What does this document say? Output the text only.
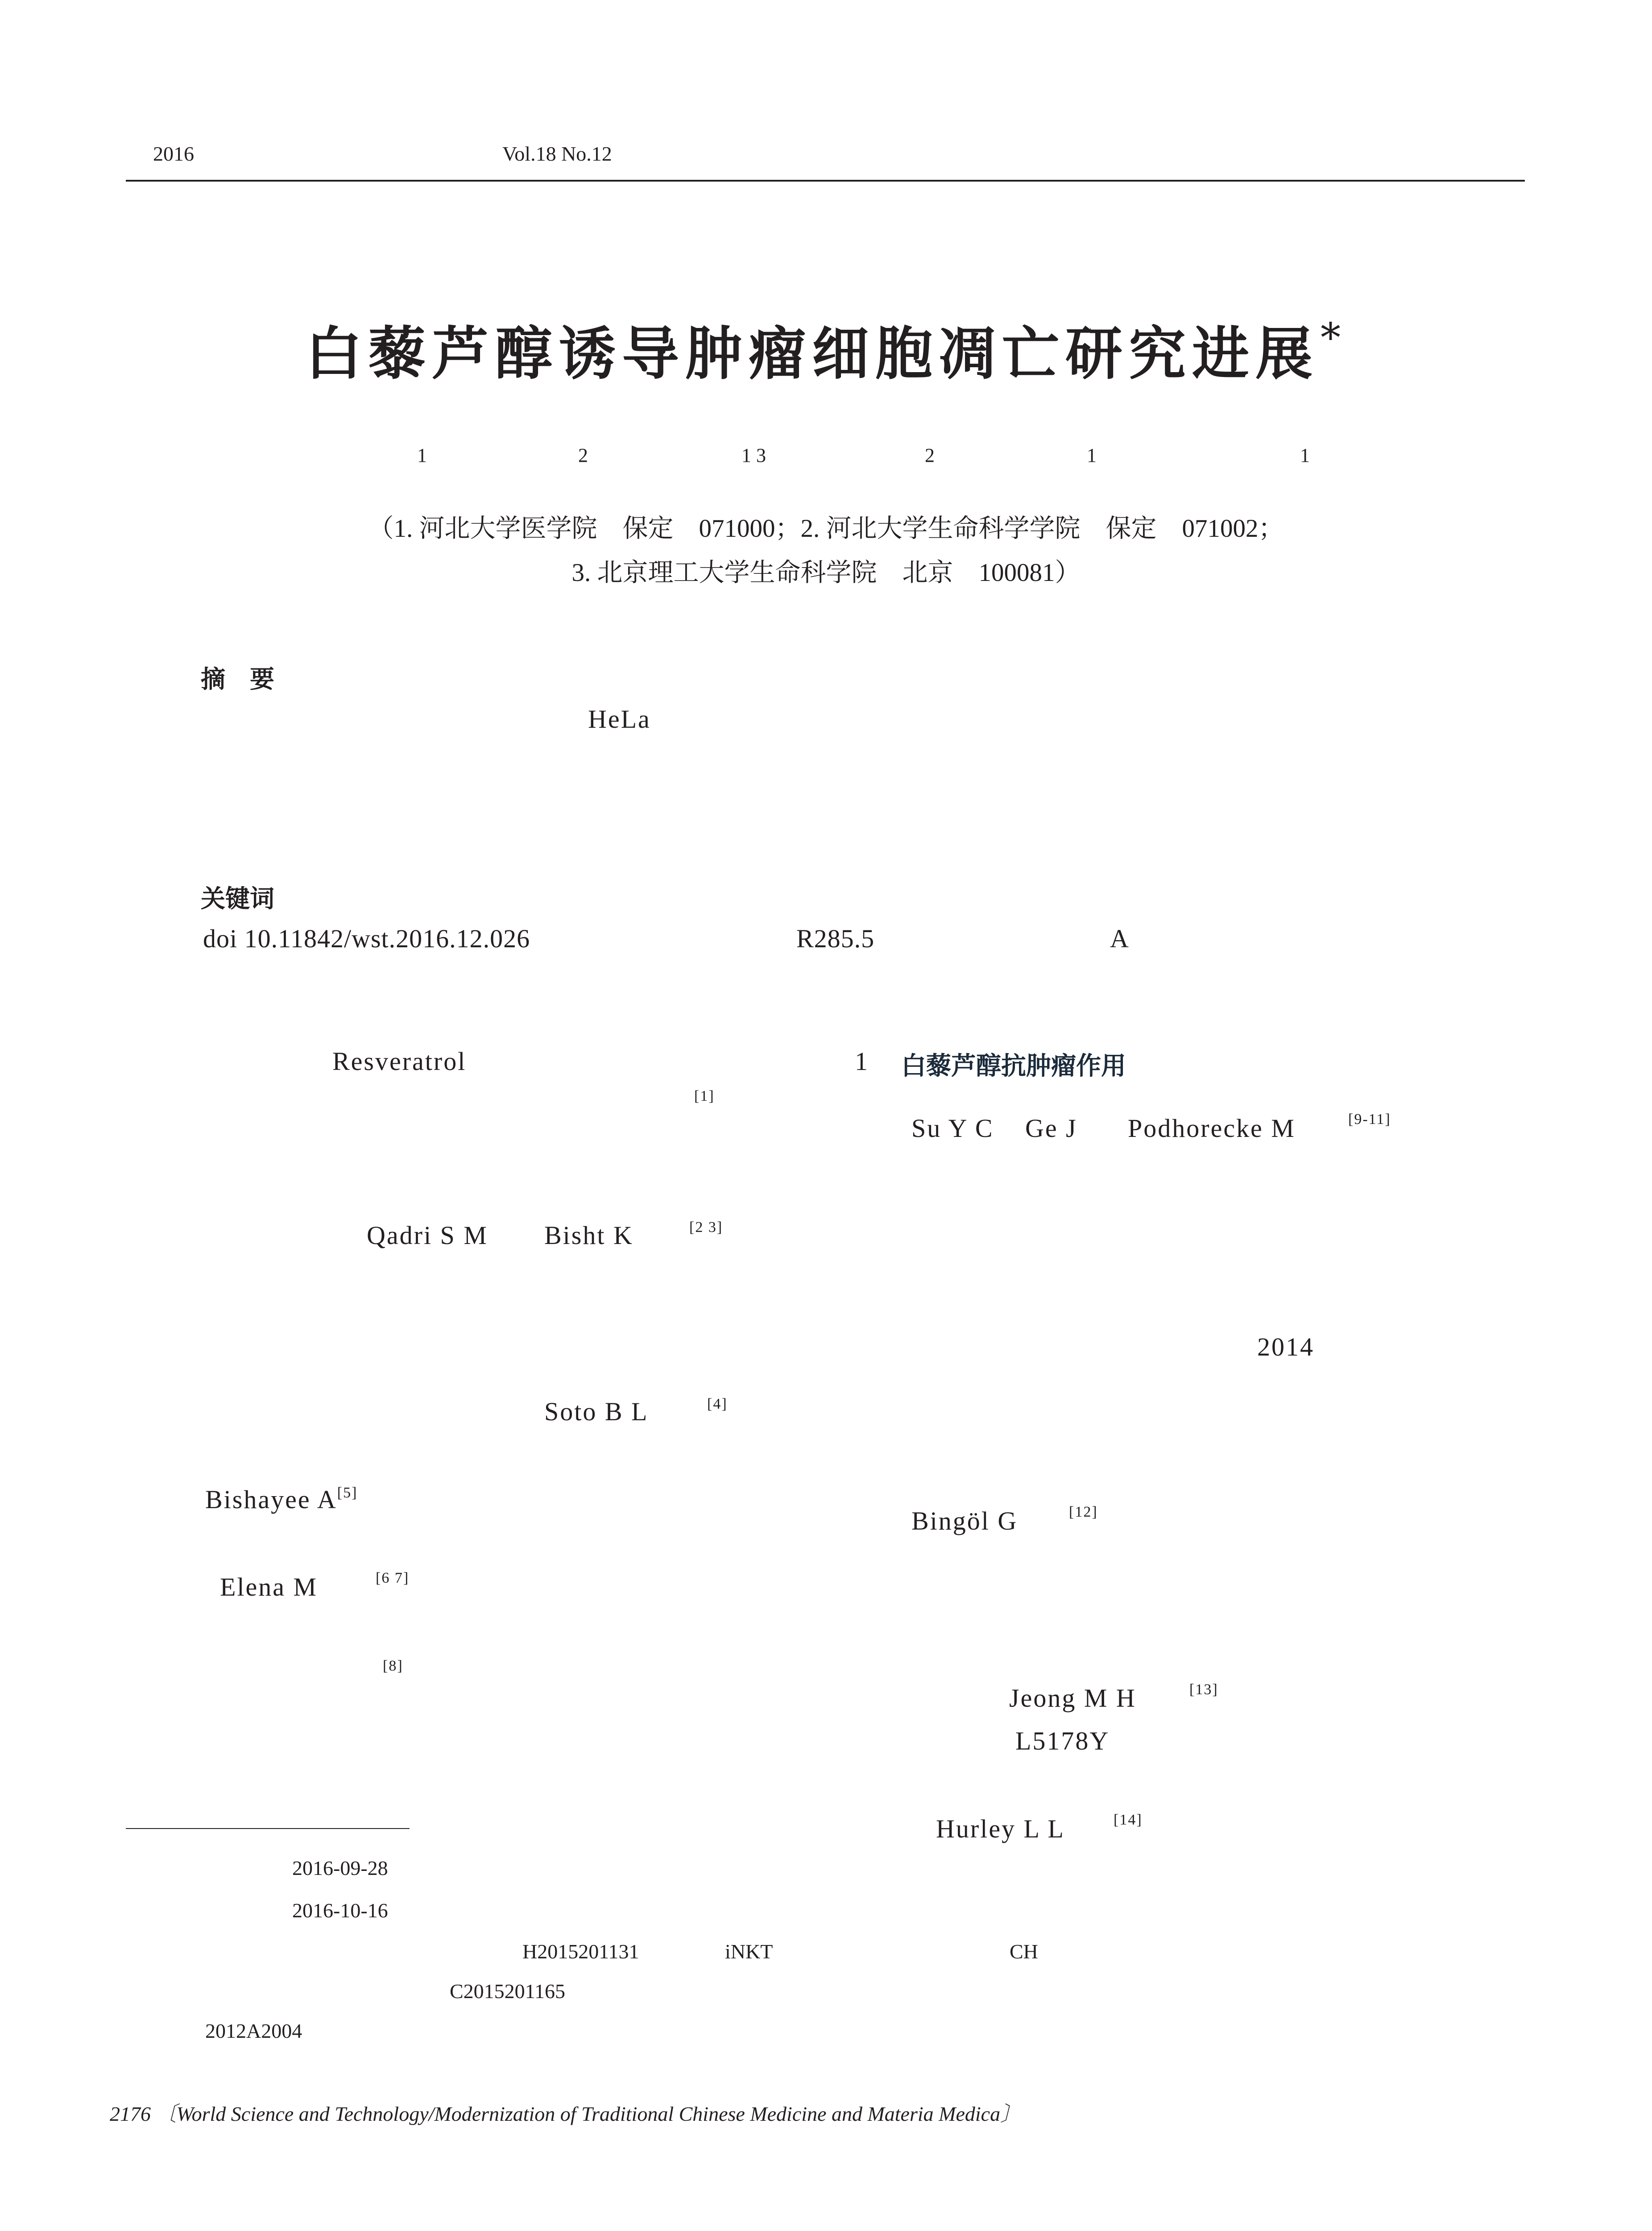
2016	Vol.18 No.12
白藜芦醇诱导肿瘤细胞凋亡研究进展*
1	2	1 3	2	1	1
（1. 河北大学医学院　保定　071000；2. 河北大学生命科学学院　保定　071002；
3. 北京理工大学生命科学院　北京　100081）
摘　要
HeLa
关键词
doi 10.11842/wst.2016.12.026	R285.5	A
Resveratrol
[1]
Qadri S M Bisht K	[2 3]
Soto B L	[4]
Bishayee A[5]
Elena M	[6 7]
[8]
1 白藜芦醇抗肿瘤作用
Su Y C Ge J Podhorecke M	[9-11]
2014
Bingöl G	[12]
Jeong M H	[13]
L5178Y
Hurley L L	[14]
2016-09-28
2016-10-16
H2015201131	iNKT	CH
C2015201165
2012A2004
2176 〔World Science and Technology/Modernization of Traditional Chinese Medicine and Materia Medica〕
